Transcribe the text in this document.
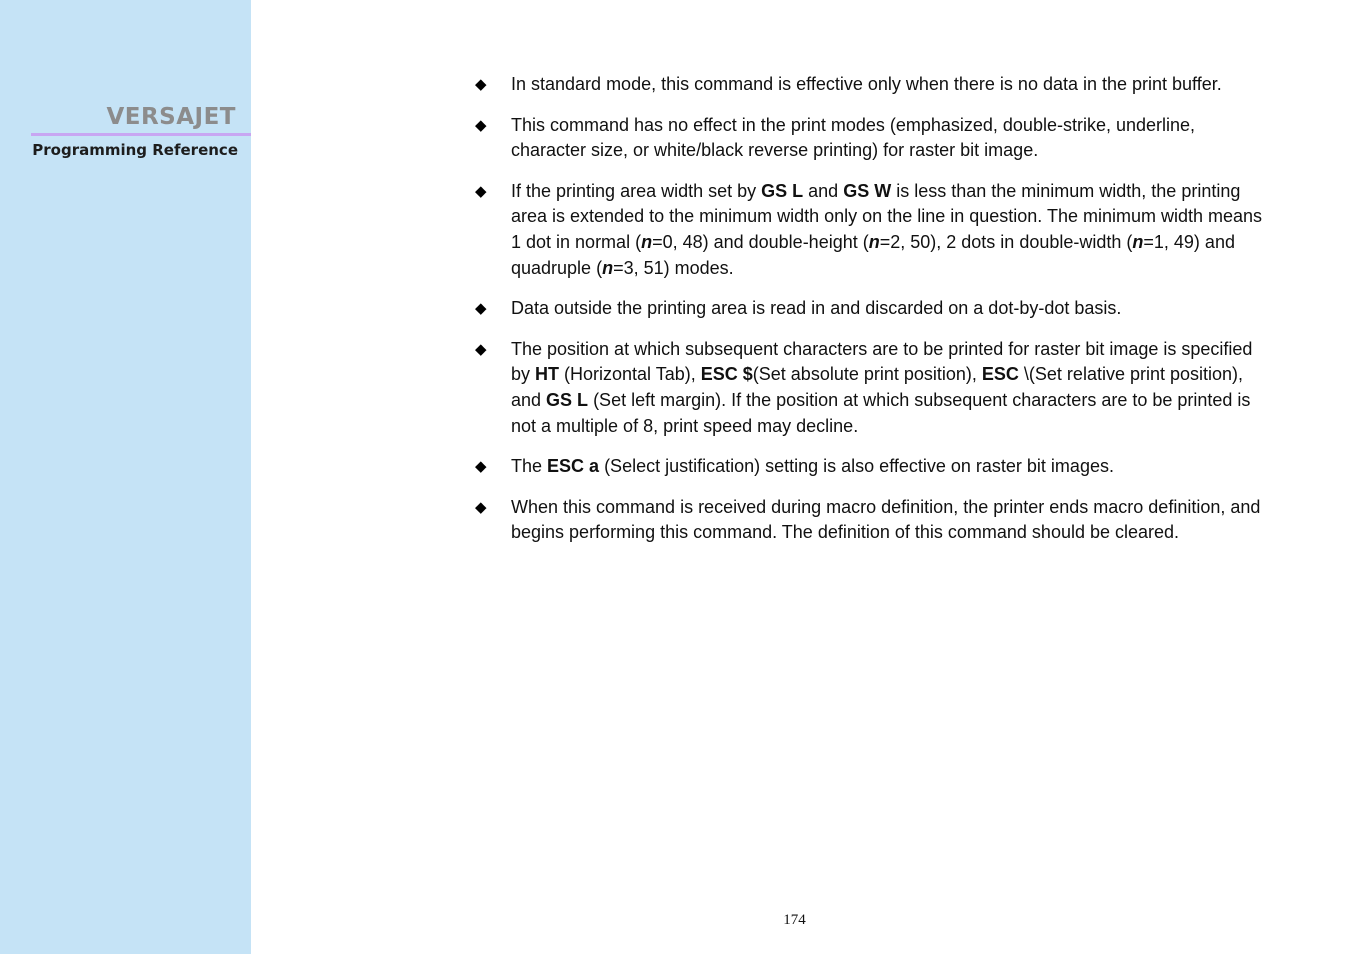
VERSAJET
Programming Reference
◆	In standard mode, this command is effective only when there is no data in the print buffer.
◆	This command has no effect in the print modes (emphasized, double-strike, underline, character size, or white/black reverse printing) for raster bit image.
◆	If the printing area width set by GS L and GS W is less than the minimum width, the printing area is extended to the minimum width only on the line in question. The minimum width means 1 dot in normal (n=0, 48) and double-height (n=2, 50), 2 dots in double-width (n=1, 49) and quadruple (n=3, 51) modes.
◆	Data outside the printing area is read in and discarded on a dot-by-dot basis.
◆	The position at which subsequent characters are to be printed for raster bit image is specified by HT (Horizontal Tab), ESC $(Set absolute print position), ESC \(Set relative print position), and GS L (Set left margin). If the position at which subsequent characters are to be printed is not a multiple of 8, print speed may decline.
◆	The ESC a (Select justification) setting is also effective on raster bit images.
◆	When this command is received during macro definition, the printer ends macro definition, and begins performing this command. The definition of this command should be cleared.
174
